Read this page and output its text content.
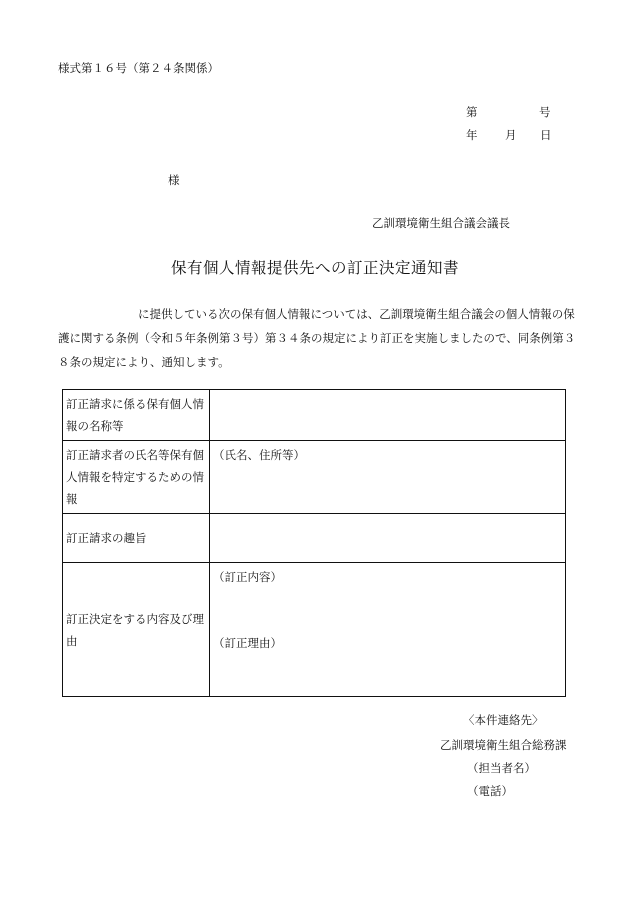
様式第１６号（第２４条関係）
第	号
年 月 日
様
乙訓環境衛生組合議会議長
保有個人情報提供先への訂正決定通知書
に提供している次の保有個人情報については、乙訓環境衛生組合議会の個人情報の保護に関する条例（令和５年条例第３号）第３４条の規定により訂正を実施しましたので、同条例第３８条の規定により、通知します。
訂正請求に係る保有個人情報の名称等	
訂正請求者の氏名等保有個人情報を特定するための情報	（氏名、住所等）
訂正請求の趣旨	
訂正決定をする内容及び理由	（訂正内容）
（訂正理由）
〈本件連絡先〉
乙訓環境衛生組合総務課
（担当者名）
（電話）
